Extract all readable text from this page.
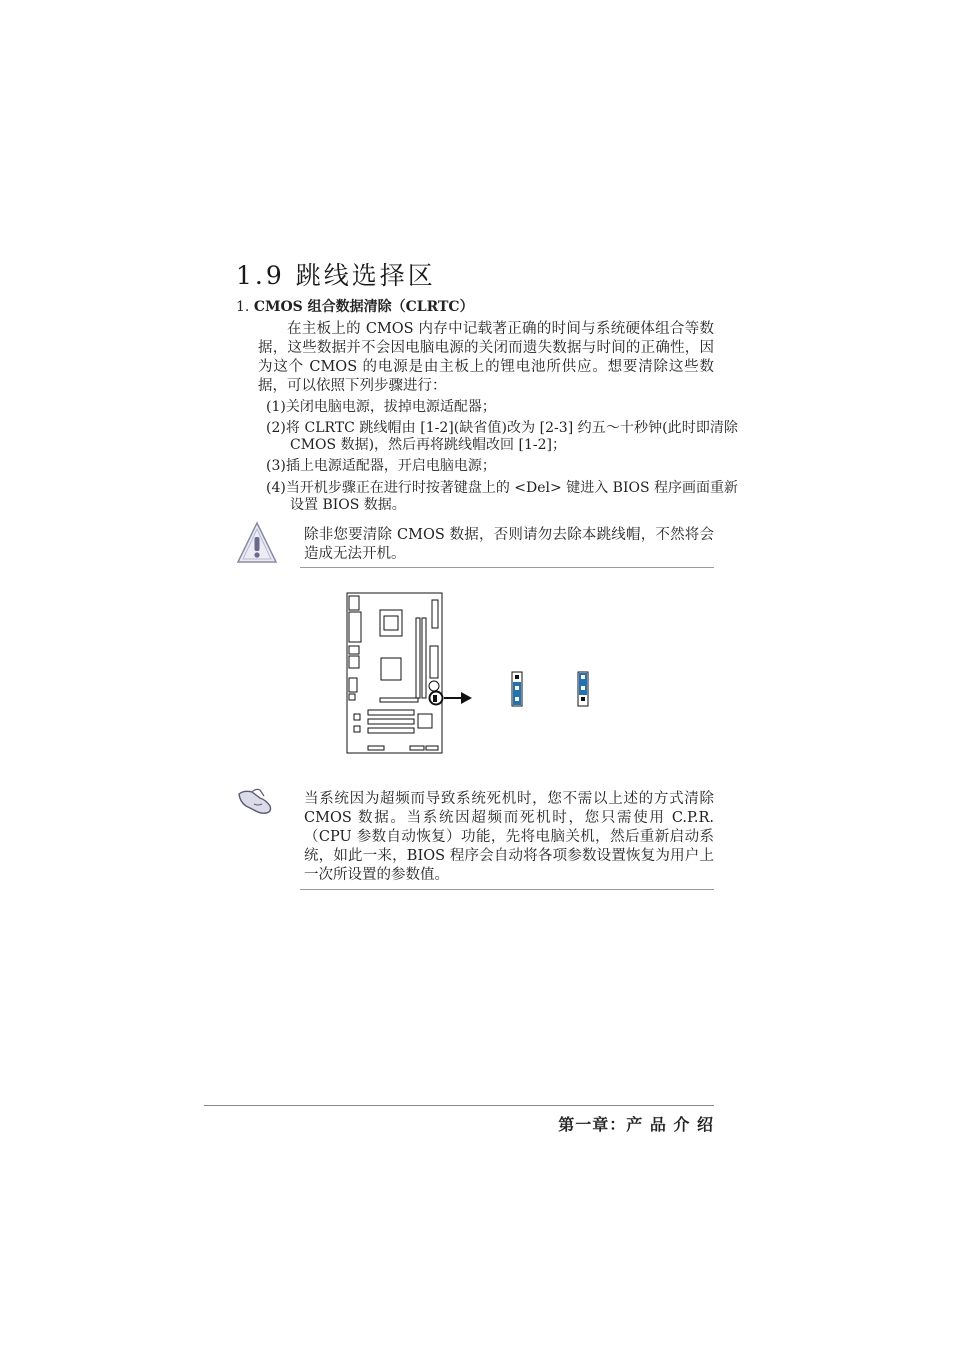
1.9 跳线选择区
1. CMOS 组合数据清除（CLRTC）
在主板上的 CMOS 内存中记载著正确的时间与系统硬体组合等数据，这些数据并不会因电脑电源的关闭而遗失数据与时间的正确性，因为这个 CMOS 的电源是由主板上的锂电池所供应。想要清除这些数据，可以依照下列步骤进行：
(1)关闭电脑电源，拔掉电源适配器；
(2)将 CLRTC 跳线帽由 [1-2](缺省值)改为 [2-3] 约五～十秒钟(此时即清除 CMOS 数据)，然后再将跳线帽改回 [1-2]；
(3)插上电源适配器，开启电脑电源；
(4)当开机步骤正在进行时按著键盘上的 <Del> 键进入 BIOS 程序画面重新设置 BIOS 数据。
除非您要清除 CMOS 数据，否则请勿去除本跳线帽，不然将会造成无法开机。
当系统因为超频而导致系统死机时，您不需以上述的方式清除 CMOS 数据。当系统因超频而死机时，您只需使用 C.P.R.（CPU 参数自动恢复）功能，先将电脑关机，然后重新启动系统，如此一来，BIOS 程序会自动将各项参数设置恢复为用户上一次所设置的参数值。
第一章：产 品 介 绍
